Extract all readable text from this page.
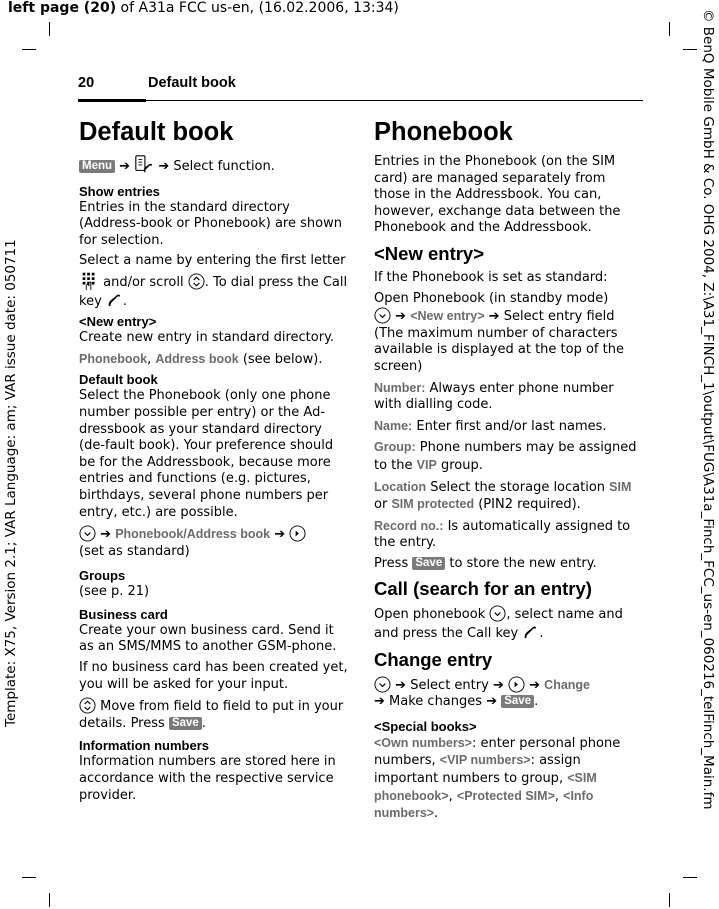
left page (20) of A31a FCC us-en, (16.02.2006, 13:34)
Template: X75, Version 2.1; VAR Language: am; VAR issue date: 050711	© BenQ Mobile GmbH & Co. OHG 2004, Z:\A31_FINCH_1\output\FUG\A31a_Finch_FCC_us-en_060216_telFinch_Main.fm
20	Default book
Default book

Menu ➔ ➔ Select function.

Show entries

Entries in the standard directory (Address-book or Phonebook) are shown for selection.

Select a name by entering the first letter  and/or scroll . To dial press the Call key .

<New entry>

Create new entry in standard directory.

Phonebook, Address book (see below).

Default book

Select the Phonebook (only one phone number possible per entry) or the Ad-dressbook as your standard directory (de-fault book). Your preference should be for the Addressbook, because more entries and functions (e.g. pictures, birthdays, several phone numbers per entry, etc.) are possible.

➔ Phonebook/Address book ➔
(set as standard)

Groups

(see p. 21)

Business card

Create your own business card. Send it as an SMS/MMS to another GSM-phone.

If no business card has been created yet, you will be asked for your input.

Move from field to field to put in your details. Press Save .

Information numbers

Information numbers are stored here in accordance with the respective service provider.

Phonebook

Entries in the Phonebook (on the SIM card) are managed separately from those in the Addressbook. You can, however, exchange data between the Phonebook and the Addressbook.

<New entry>

If the Phonebook is set as standard:

Open Phonebook (in standby mode)
➔ <New entry> ➔ Select entry field (The maximum number of characters available is displayed at the top of the screen)

Number: Always enter phone number with dialling code.

Name: Enter first and/or last names.

Group: Phone numbers may be assigned to the VIP group.

Location Select the storage location SIM or SIM protected (PIN2 required).

Record no.: Is automatically assigned to the entry.

Press Save to store the new entry.

Call (search for an entry)

Open phonebook , select name and and press the Call key .

Change entry

➔ Select entry ➔ ➔ Change
➔ Make changes ➔ Save .

<Special books>

<Own numbers>: enter personal phone numbers, <VIP numbers>: assign important numbers to group, <SIM phonebook>, <Protected SIM>, <Info numbers>.
